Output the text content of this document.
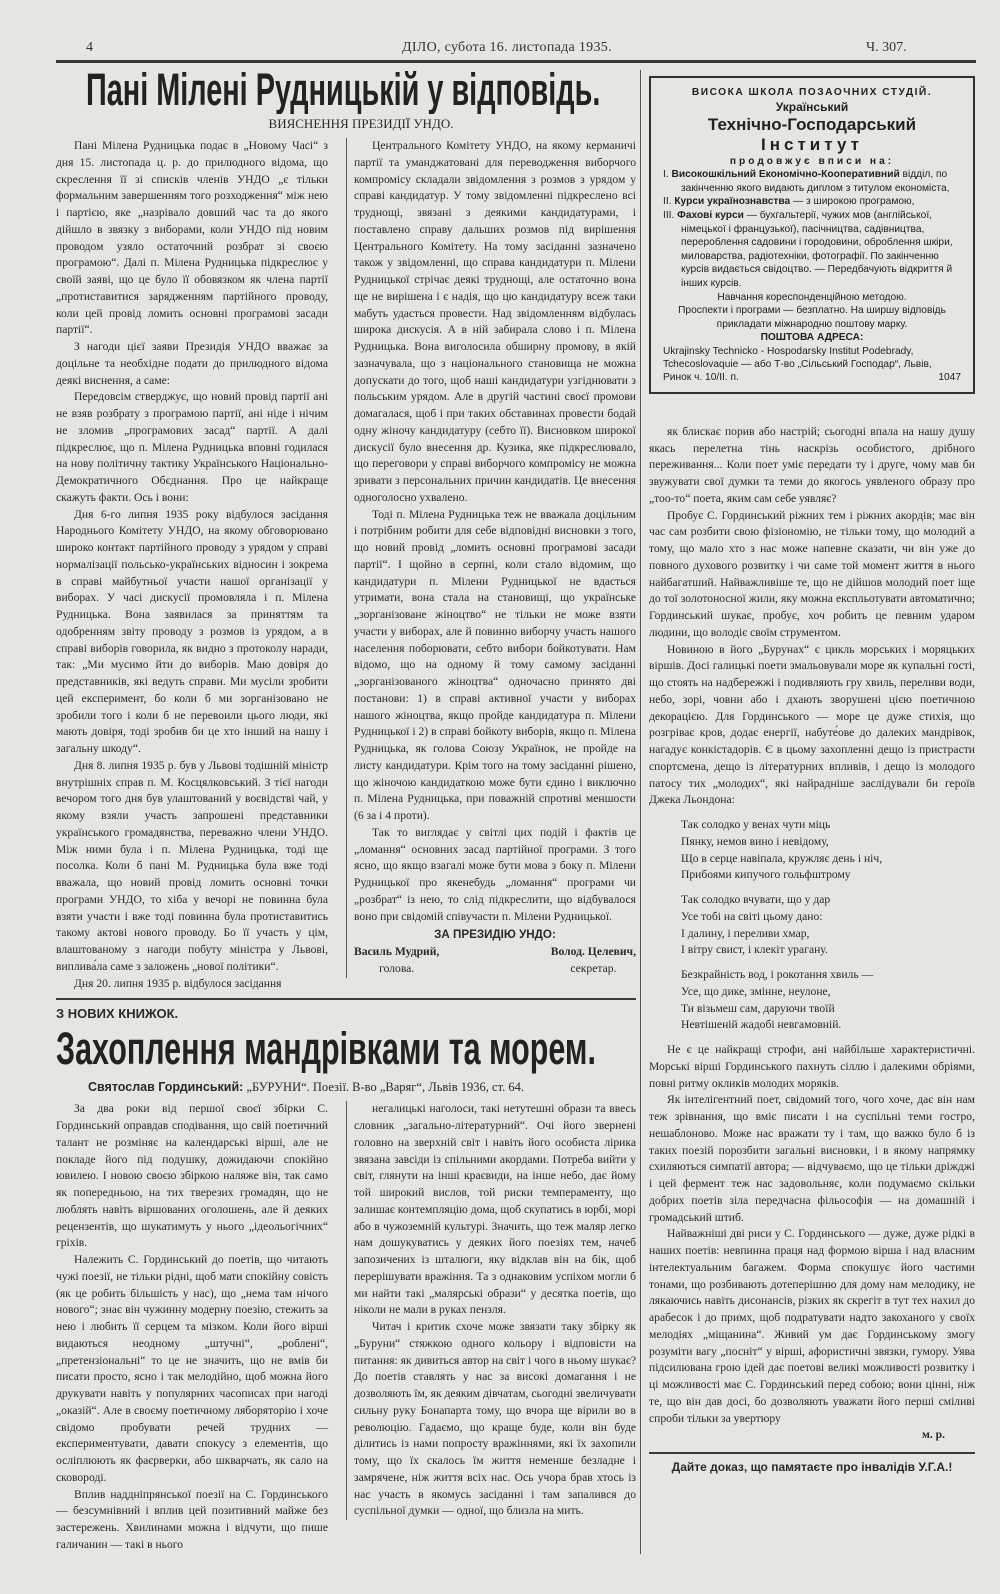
4	ДІЛО, субота 16. листопада 1935.	Ч. 307.
Пані Мілені Рудницькій у відповідь.
ВИЯСНЕННЯ ПРЕЗИДІЇ УНДО.

Пані Мілена Рудницька подає в „Новому Часі“ з дня 15. листопада ц. р. до прилюдного відома, що скреслення її зі списків членів УНДО „є тільки формальним завершенням того розходження“ між нею і партією, яке „назрівало довший час та до якого дійшло в звязку з виборами, коли УНДО під новим проводом узяло остаточний розбрат зі своєю програмою“. Далі п. Мілена Рудницька підкреслює у своїй заяві, що це було її обовязком як члена партії „протиставитися зарядженням партійного проводу, коли цей провід ломить основні програмові засади партії“.

З нагоди цієї заяви Президія УНДО вважає за доцільне та необхідне подати до прилюдного відома деякі виснення, а саме:

Передовсім стверджує, що новий провід партії ані не взяв розбрату з програмою партії, ані ніде і нічим не зломив „програмових засад“ партії. А далі підкреслює, що п. Мілена Рудницька вповні годилася на нову політичну тактику Українського Національно-Демократичного Обєднання. Про це найкраще скажуть факти. Ось і вони:

Дня 6-го липня 1935 року відбулося засідання Народнього Комітету УНДО, на якому обговорювано широко контакт партійного проводу з урядом у справі нормалізації польсько-українських відносин і зокрема в справі майбутньої участи нашої організації у виборах. У часі дискусії промовляла і п. Мілена Рудницька. Вона заявилася за приняттям та одобренням звіту проводу з розмов із урядом, а в справі виборів говорила, як видно з протоколу наради, так: „Ми мусимо йти до виборів. Маю довіря до представників, які ведуть справи. Ми мусіли зробити цей експеримент, бо коли б ми зорганізовано не зробили того і коли б не перевоили цього люди, які мають довіря, тоді зробив би це хто інший на нашу і загальну шкоду“.

Дня 8. липня 1935 р. був у Львові тодішній міністр внутрішніх справ п. М. Косцялковський. З тієї нагоди вечором того дня був улаштований у воєвідстві чай, у якому взяли участь запрошені представники українського громадянства, переважно члени УНДО. Між ними була і п. Мілена Рудницька, тоді ще посолка. Коли б пані М. Рудницька була вже тоді вважала, що новий провід ломить основні точки програми УНДО, то хіба у вечорі не повинна була взяти участи і вже тоді повинна була протиставитись такому актові нового проводу. Бо її участь у цім, влаштованому з нагоди побуту міністра у Львові, виплива́ла саме з заложень „нової політики“.

Дня 20. липня 1935 р. відбулося засідання

Центрального Комітету УНДО, на якому керманичі партії та уманджатовані для переводження виборчого компромісу складали звідомлення з розмов з урядом у справі кандидатур. У тому звідомленні підкреслено всі труднощі, звязані з деякими кандидатурами, і поставлено справу дальших розмов під вирішення Центрального Комітету. На тому засіданні зазначено також у звідомленні, що справа кандидатури п. Мілени Рудницької стрічає деякі труднощі, але остаточно вона ще не вирішена і є надія, що цю кандидатуру всеж таки мабуть удасться провести. Над звідомленням відбулась широка дискусія. А в ній забирала слово і п. Мілена Рудницька. Вона виголосила обширну промову, в якій зазначувала, що з національного становища не можна допускати до того, щоб наші кандидатури узгіднювати з польським урядом. Але в другій частині своєї промови домагалася, щоб і при таких обставинах провести бодай одну жіночу кандидатуру (себто її). Висновком широкої дискусії було внесення др. Кузика, яке підкреслювало, що переговори у справі виборчого компромісу не можна зривати з персональних причин кандидатів. Це внесення одноголосно ухвалено.

Тоді п. Мілена Рудницька теж не вважала доцільним і потрібним робити для себе відповідні висновки з того, що новий провід „ломить основні програмові засади партії“. І щойно в серпні, коли стало відомим, що кандидатури п. Мілени Рудницької не вдасться утримати, вона стала на становищі, що українське „зорганізоване жіноцтво“ не тільки не може взяти участи у виборах, але й повинно виборчу участь нашого населення поборювати, себто вибори бойкотувати. Нам відомо, що на одному й тому самому засіданні „зорганізованого жіноцтва“ одночасно принято дві постанови: 1) в справі активної участи у виборах нашого жіноцтва, якщо пройде кандидатура п. Мілени Рудницької і 2) в справі бойкоту виборів, якщо п. Мілена Рудницька, як голова Союзу Українок, не пройде на листу кандидатури. Крім того на тому засіданні рішено, що жіночою кандидаткою може бути єдино і виключно п. Мілена Рудницька, при поважній спротиві меншости (6 за і 4 проти).

Так то виглядає у світлі цих подій і фактів це „ломання“ основних засад партійної програми. З того ясно, що якщо взагалі може бути мова з боку п. Мілени Рудницької про якенебудь „ломання“ програми чи „розбрат“ із нею, то слід підкреслити, що відбувалося воно при свідомій співучасти п. Мілени Рудницької.

ЗА ПРЕЗИДІЮ УНДО:
Василь Мудрий,
голова.
Волод. Целевич,
секретар.
З НОВИХ КНИЖОК.
Захоплення мандрівками та морем.
Святослав Гординський: „БУРУНИ“. Поезії. В-во „Варяг“, Львів 1936, ст. 64.

За два роки від першої своєї збірки С. Гординський оправдав сподівання, що свій поетичний талант не розміняє на календарські вірші, але не покладе його під подушку, дожидаючи спокійно ювилею. І новою своєю збіркою наляже він, так само як попередньою, на тих тверезих громадян, що не люблять навіть віршованих оголошень, але й деяких рецензентів, що шукатимуть у нього „ідеольогічних“ гріхів.

Належить С. Гординський до поетів, що читають чужі поезії, не тільки рідні, щоб мати спокійну совість (як це робить більшість у нас), що „нема там нічого нового“; знає він чужинну модерну поезію, стежить за нею і любить її серцем та мізком. Коли його вірші видаються неодному „штучні“, „роблені“, „претензіональні“ то це не значить, що не вмів би писати просто, ясно і так мелодійно, щоб можна його друкувати навіть у популярних часописах при нагоді „оказій“. Але в своєму поетичному ляборяторію і хоче свідомо пробувати речей трудних — експериментувати, давати спокусу з елементів, що осліплюють як фаєрверки, або шкварчать, як сало на сковороді.

Вплив наддніпрянської поезії на С. Гординського — безсумнівний і вплив цей позитивний майже без застережень. Хвилинами можна і відчути, що пише галичанин — такі в нього

негалицькі наголоси, такі нетутешні образи та ввесь словник „загально-літературний“. Очі його звернені головно на зверхній світ і навіть його особиста лірика звязана завсіди із спільними акордами. Потреба вийти у світ, глянути на інші краєвиди, на інше небо, дає йому той широкий вислов, той риски темпераменту, що залишає контемпляцію дома, щоб скупатись в юрбі, морі або в чужоземній культурі. Значить, що теж маляр легко нам дошукуватись у деяких його поезіях тем, начеб запозичених із шталюги, яку відклав він на бік, щоб перерішувати вражіння. Та з однаковим успіхом могли б ми найти такі „малярські образи“ у десятка поетів, що ніколи не мали в руках пензля.

Читач і критик схоче може звязати таку збірку як „Буруни“ стяжкою одного кольору і відповісти на питання: як дивиться автор на світ і чого в ньому шукає? До поетів ставлять у нас за високі домагання і не дозволяють їм, як деяким дівчатам, сьогодні звеличувати сильну руку Бонапарта тому, що вчора ще вірили во в революцію. Гадаємо, що краще буде, коли він буде ділитись із нами попросту вражіннями, які їх захопили тому, що їх скалось їм життя неменше безладне і замрячене, ніж життя всіх нас. Ось учора брав хтось із нас участь в якомусь засіданні і там запалився до суспільної думки — одної, що близла на мить.

ВИСОКА ШКОЛА ПОЗАОЧНИХ СТУДІЙ.
Український
Технічно-Господарський
Інститут
продовжує вписи на:
I. Високошкільний Економічно-Кооперативний відділ, по закінченню якого видають диплом з титулом економіста,
II. Курси українознавства — з широкою програмою,
III. Фахові курси — бухгальтерії, чужих мов (англійської, німецької і французької), пасічництва, садівництва, перероблення садовини і городовини, оброблення шкіри, миловарства, радіотехніки, фотографії. По закінченню курсів видається свідоцтво. — Передбачують відкриття й інших курсів.
Навчання кореспонденційною методою.
Проспекти і програми — безплатно. На ширшу відповідь прикладати міжнародню поштову марку.
ПОШТОВА АДРЕСА:
Ukrajinsky Technicko - Hospodarsky Institut Podebrady, Tchecoslovaquie — або Т-во „Сільський Господар“, Львів, Ринок ч. 10/II. п.	1047

як блискає порив або настрій; сьогодні впала на нашу душу якась перелетна тінь наскрізь особистого, дрібного переживання... Коли поет уміє передати ту і друге, чому мав би звужувати свої думки та теми до якогось уявленого образу про „тоо-то“ поета, яким сам себе уявляє?

Пробує С. Гординський ріжних тем і ріжних акордів; має він час сам розбити свою фізіономію, не тільки тому, що молодий а тому, що мало хто з нас може напевне сказати, чи він уже до повного духового розвитку і чи саме той момент життя в нього найбагатший. Найважливіше те, що не дійшов молодий поет іще до тої золотоносної жили, яку можна експльотувати автоматично; Гординський шукає, пробує, хоч робить це певним ударом людини, що володіє своїм струментом.

Новиною в його „Бурунах“ є цикль морських і моряцьких віршів. Досі галицькі поети змальовували море як купальні гості, що стоять на надбережжі і подивляють гру хвиль, переливи води, небо, зорі, човни або і дхають зворушені цією поетичною декорацією. Для Гординського — море це дуже стихія, що розгріває кров, додає енергії, набуте́ове до далеких мандрівок, нагадує конкістадорів. Є в цьому захопленні дещо із пристрасти спортсмена, дещо із літературних впливів, і дещо із молодого патосу тих „молодих“, які найрадніше заслідували би героїв Джека Льондона:

Так солодко у венах чути міць
Пянку, немов вино і невідому,
Що в серце навіпала, кружляє день і ніч,
Прибоями кипучого гольфштрому
Так солодко вчувати, що у дар
Усе тобі на світі цьому дано:
І далину, і переливи хмар,
І вітру свист, і клекіт урагану.
Безкрайність вод, і рокотання хвиль —
Усе, що дике, змінне, неулоне,
Ти візьмеш сам, даруючи твоїй
Невтішеній жадобі невгамовній.

Не є це найкращі строфи, ані найбільше характеристичні. Морські вірші Гординського пахнуть сіллю і далекими обріями, повні ритму окликів молодих моряків.

Як інтелігентний поет, свідомий того, чого хоче, дає він нам теж зрівнання, що вміє писати і на суспільні теми гостро, нешаблоново. Може нас вражати ту і там, що важко було б із таких поезій порозбити загальні висновки, і в якому напрямку схиляються симпатії автора; — відчуваємо, що це тільки дріжджі і цей фермент теж нас задовольняє, коли подумаємо скільки добрих поетів зіла передчасна фільософія — на домашній і громадський штиб.

Найважніші дві риси у С. Гординського — дуже, дуже рідкі в наших поетів: невпинна праця над формою вірша і над власним інтелектуальним багажем. Форма спокушує його частими тонами, що розбивають дотеперішню для дому нам мелодику, не лякаючись навіть дисонансів, різких як скрегіт в тут тех нахил до арабесок і до примх, щоб подратувати надто закоханого у своїх мелодіях „міщанина“. Живий ум дає Гординському змогу розуміти вагу „посніт“ у вірші, афористичні звязки, гумору. Уява підсилювана грою ідей дає поетові великі можливості розвитку і ці можливості має С. Гординський перед собою; вони цінні, ніж те, що він дав досі, бо дозволяють уважати його перші сміливі спроби тільки за увертюру

м. р.
Дайте доказ, що памятаєте про інвалідів У.Г.А.!
